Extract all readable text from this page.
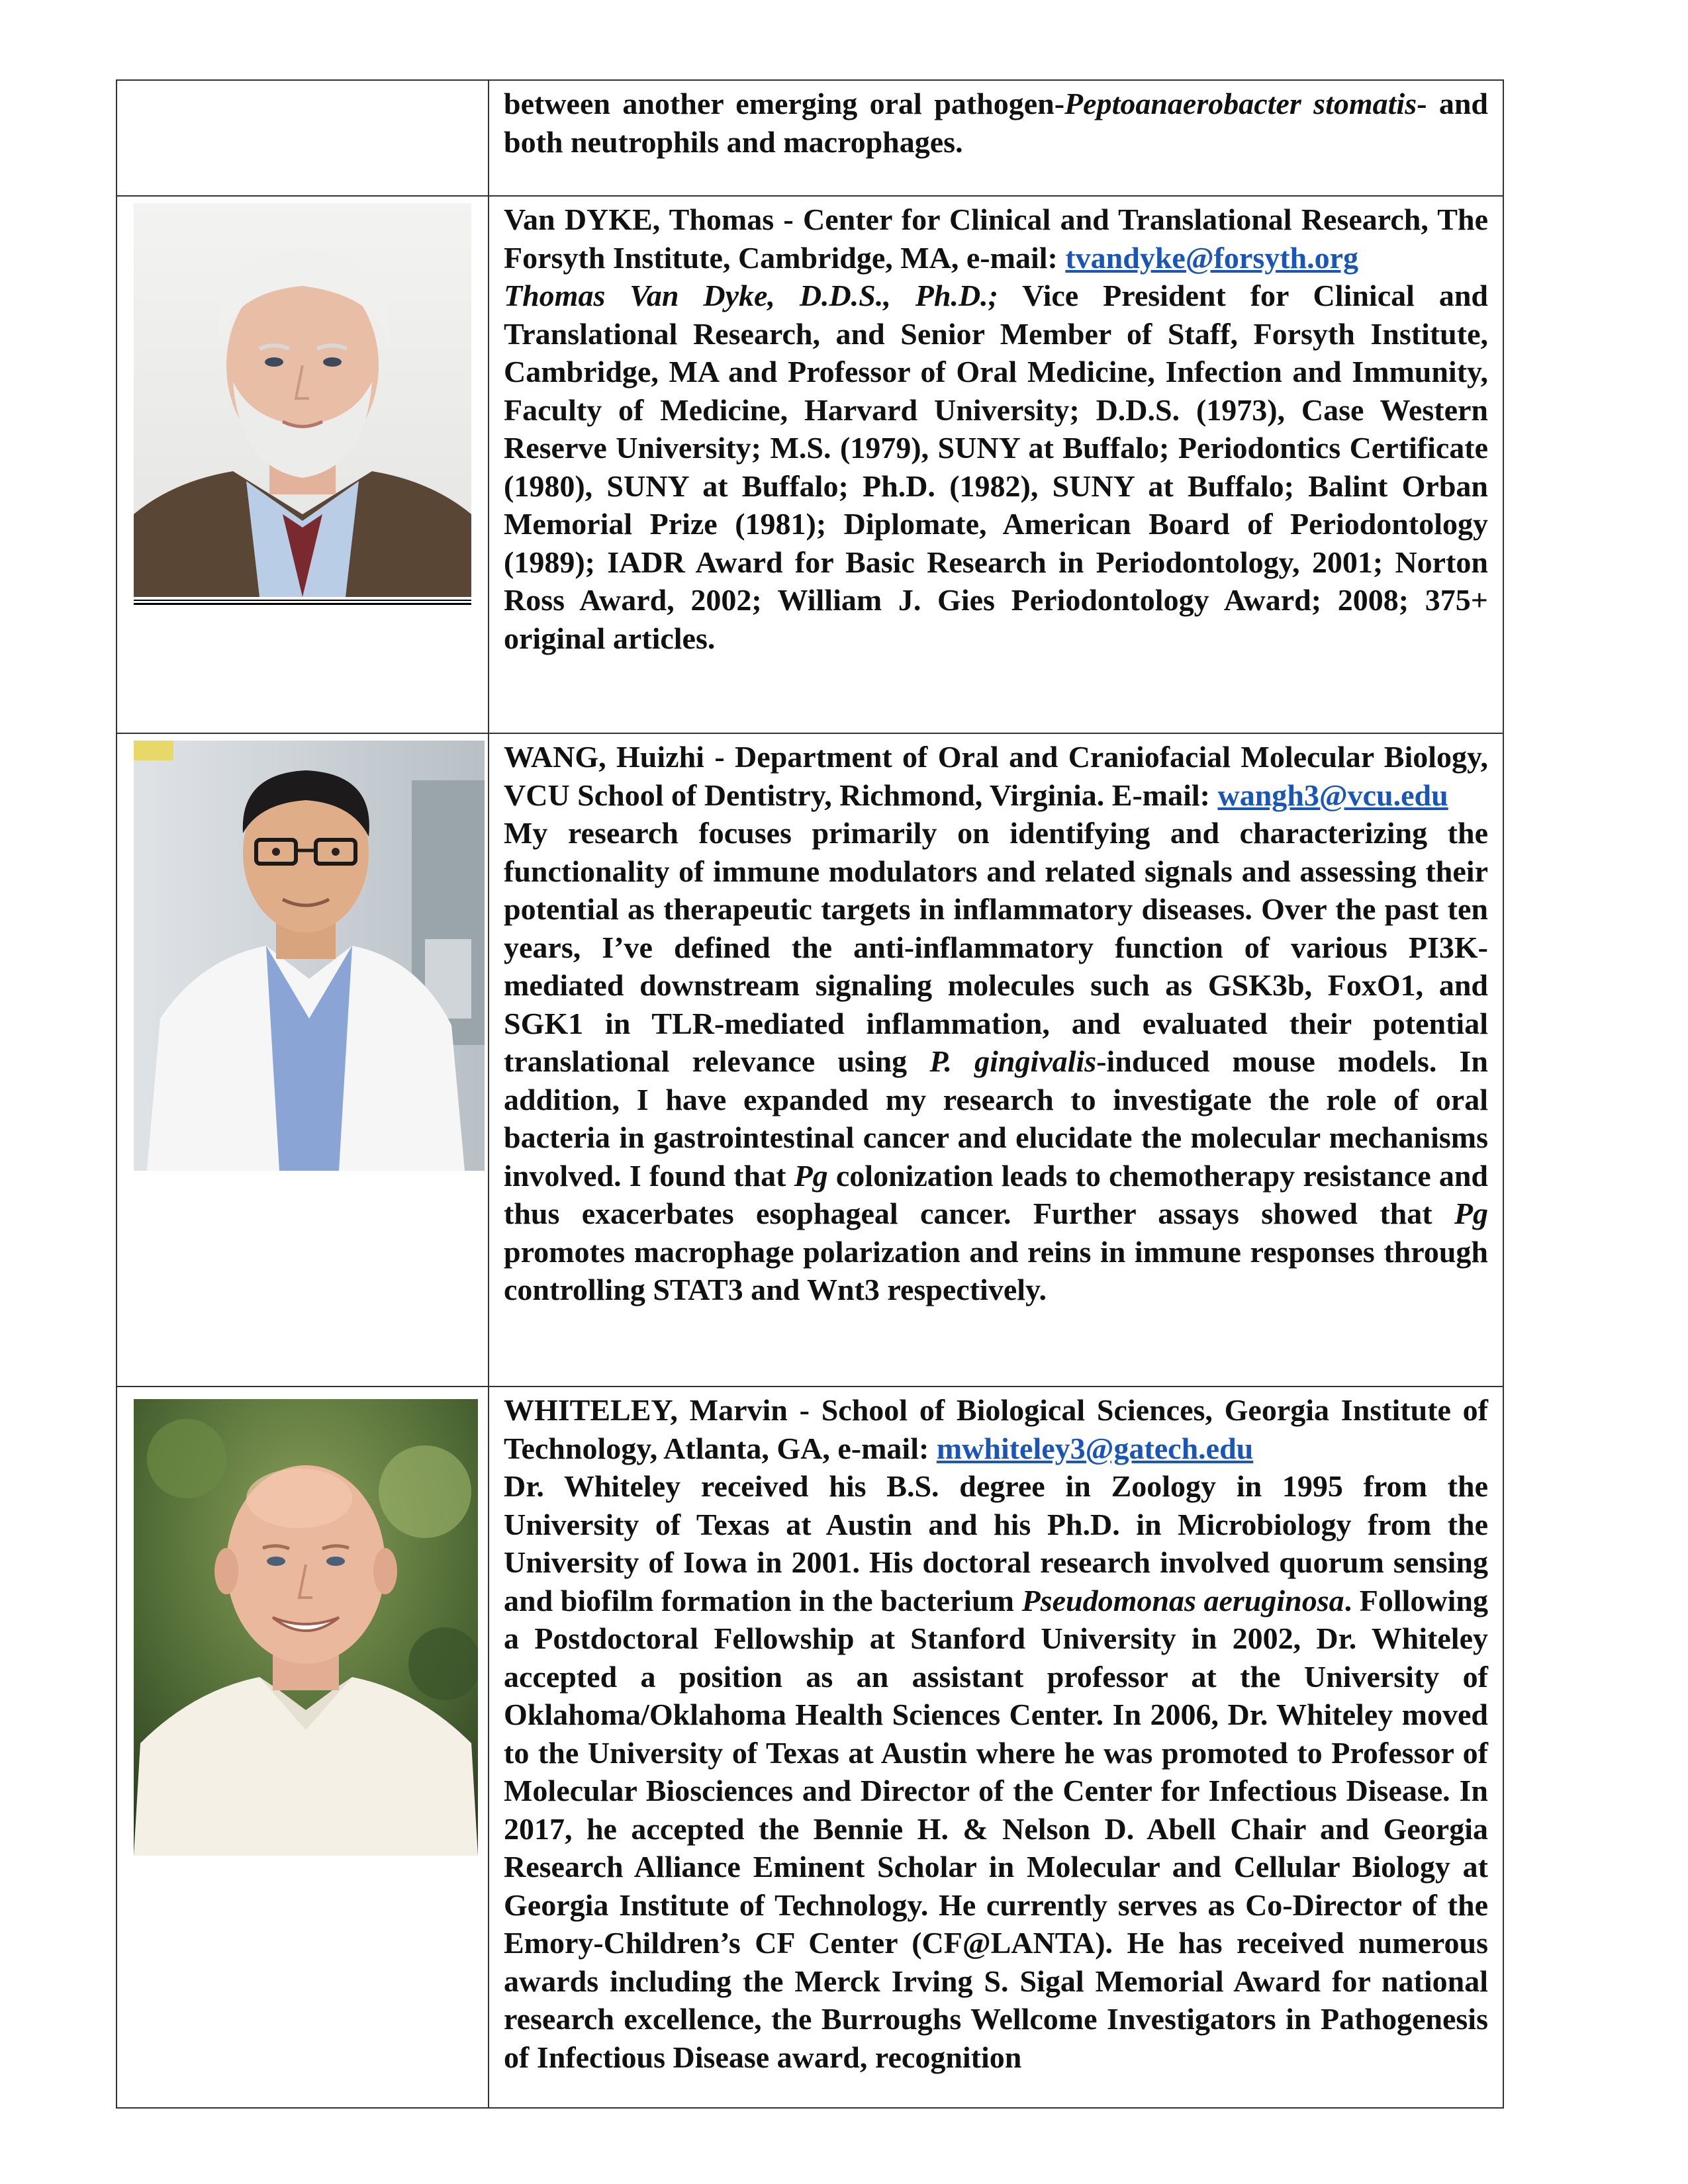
	between another emerging oral pathogen-Peptoanaerobacter stomatis- and both neutrophils and macrophages.

Van DYKE, Thomas - Center for Clinical and Translational Research, The Forsyth Institute, Cambridge, MA, e-mail: tvandyke@forsyth.org

Thomas Van Dyke, D.D.S., Ph.D.; Vice President for Clinical and Translational Research, and Senior Member of Staff, Forsyth Institute, Cambridge, MA and Professor of Oral Medicine, Infection and Immunity, Faculty of Medicine, Harvard University; D.D.S. (1973), Case Western Reserve University; M.S. (1979), SUNY at Buffalo; Periodontics Certificate (1980), SUNY at Buffalo; Ph.D. (1982), SUNY at Buffalo; Balint Orban Memorial Prize (1981); Diplomate, American Board of Periodontology (1989); IADR Award for Basic Research in Periodontology, 2001; Norton Ross Award, 2002; William J. Gies Periodontology Award; 2008; 375+ original articles.

WANG, Huizhi - Department of Oral and Craniofacial Molecular Biology, VCU School of Dentistry, Richmond, Virginia. E-mail: wangh3@vcu.edu

My research focuses primarily on identifying and characterizing the functionality of immune modulators and related signals and assessing their potential as therapeutic targets in inflammatory diseases. Over the past ten years, I’ve defined the anti-inflammatory function of various PI3K-mediated downstream signaling molecules such as GSK3b, FoxO1, and SGK1 in TLR-mediated inflammation, and evaluated their potential translational relevance using P. gingivalis-induced mouse models. In addition, I have expanded my research to investigate the role of oral bacteria in gastrointestinal cancer and elucidate the molecular mechanisms involved. I found that Pg colonization leads to chemotherapy resistance and thus exacerbates esophageal cancer. Further assays showed that Pg promotes macrophage polarization and reins in immune responses through controlling STAT3 and Wnt3 respectively.

WHITELEY, Marvin - School of Biological Sciences, Georgia Institute of Technology, Atlanta, GA, e-mail: mwhiteley3@gatech.edu

Dr. Whiteley received his B.S. degree in Zoology in 1995 from the University of Texas at Austin and his Ph.D. in Microbiology from the University of Iowa in 2001. His doctoral research involved quorum sensing and biofilm formation in the bacterium Pseudomonas aeruginosa. Following a Postdoctoral Fellowship at Stanford University in 2002, Dr. Whiteley accepted a position as an assistant professor at the University of Oklahoma/Oklahoma Health Sciences Center. In 2006, Dr. Whiteley moved to the University of Texas at Austin where he was promoted to Professor of Molecular Biosciences and Director of the Center for Infectious Disease. In 2017, he accepted the Bennie H. & Nelson D. Abell Chair and Georgia Research Alliance Eminent Scholar in Molecular and Cellular Biology at Georgia Institute of Technology. He currently serves as Co-Director of the Emory-Children’s CF Center (CF@LANTA). He has received numerous awards including the Merck Irving S. Sigal Memorial Award for national research excellence, the Burroughs Wellcome Investigators in Pathogenesis of Infectious Disease award, recognition
